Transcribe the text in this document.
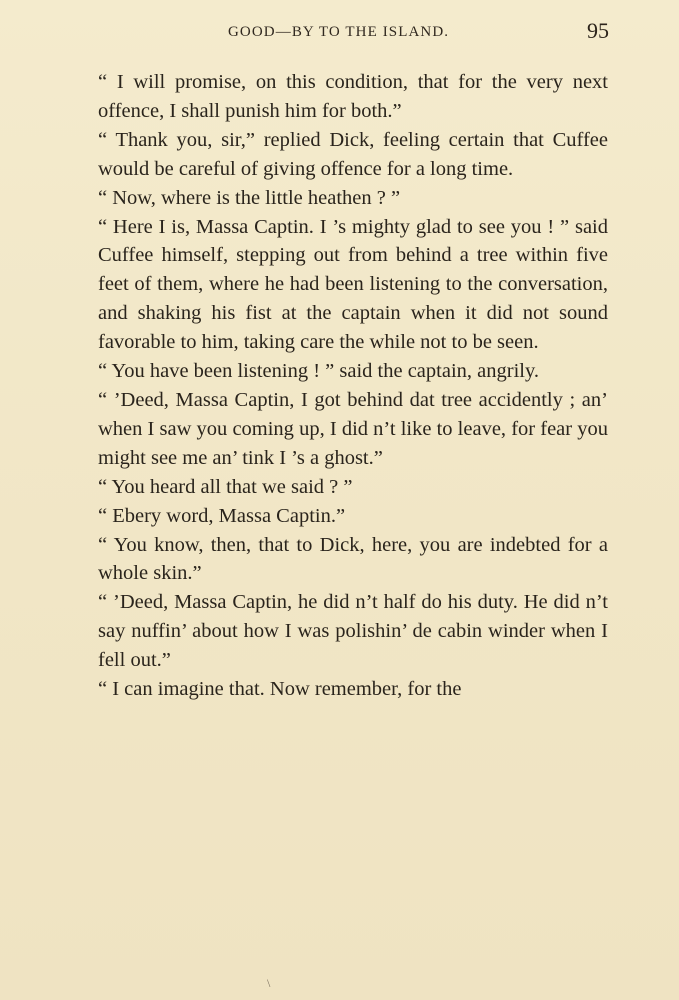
GOOD—BY TO THE ISLAND.	95

“ I will promise, on this condition, that for the very next offence, I shall punish him for both.”

“ Thank you, sir,” replied Dick, feeling certain that Cuffee would be careful of giving offence for a long time.

“ Now, where is the little heathen ? ”

“ Here I is, Massa Captin. I ’s mighty glad to see you ! ” said Cuffee himself, stepping out from behind a tree within five feet of them, where he had been listening to the conversation, and shaking his fist at the captain when it did not sound favorable to him, taking care the while not to be seen.

“ You have been listening ! ” said the captain, angrily.

“ ’Deed, Massa Captin, I got behind dat tree accidently ; an’ when I saw you coming up, I did n’t like to leave, for fear you might see me an’ tink I ’s a ghost.”

“ You heard all that we said ? ”

“ Ebery word, Massa Captin.”

“ You know, then, that to Dick, here, you are indebted for a whole skin.”

“ ’Deed, Massa Captin, he did n’t half do his duty. He did n’t say nuffin’ about how I was polishin’ de cabin winder when I fell out.”

“ I can imagine that. Now remember, for the

\
